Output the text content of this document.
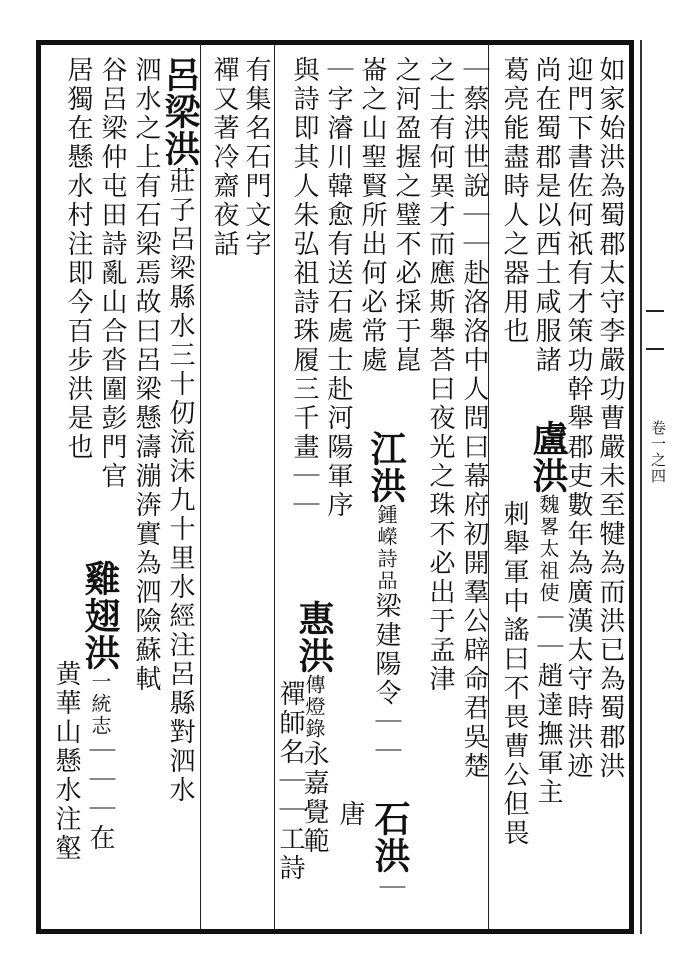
卷一之四
如家始洪為蜀郡太守李嚴功曹嚴未至犍為而洪已為蜀郡洪
迎門下書佐何祇有才策功幹舉郡吏數年為廣漢太守時洪迹
尚在蜀郡是以西土咸服諸
葛亮能盡時人之器用也
盧洪魏畧太祖使｜｜趙達撫軍主
刺舉軍中謠曰不畏曹公但畏
｜蔡洪世說｜｜赴洛洛中人問曰幕府初開羣公辟命君吳楚
之士有何異才而應斯舉荅曰夜光之珠不必出于孟津
之河盈握之璧不必採于崑
崙之山聖賢所出何必常處
江洪鍾嶸詩品梁建陽令｜｜
｜字濬川韓愈有送石處士赴河陽軍序
與詩即其人朱弘祖詩珠履三千畫｜｜
石洪｜唐
惠洪傳燈錄永嘉覺範
禪師名｜｜工詩
有集名石門文字
禪又著冷齋夜話
呂梁洪莊子呂梁縣水三十仞流沫九十里水經注呂縣對泗水
泗水之上有石梁焉故曰呂梁懸濤漰渀實為泗險蘇軾
谷呂梁仲屯田詩亂山合沓圍彭門官
居獨在懸水村注即今百步洪是也
雞翅洪一統志｜｜｜在
黄華山懸水注壑
